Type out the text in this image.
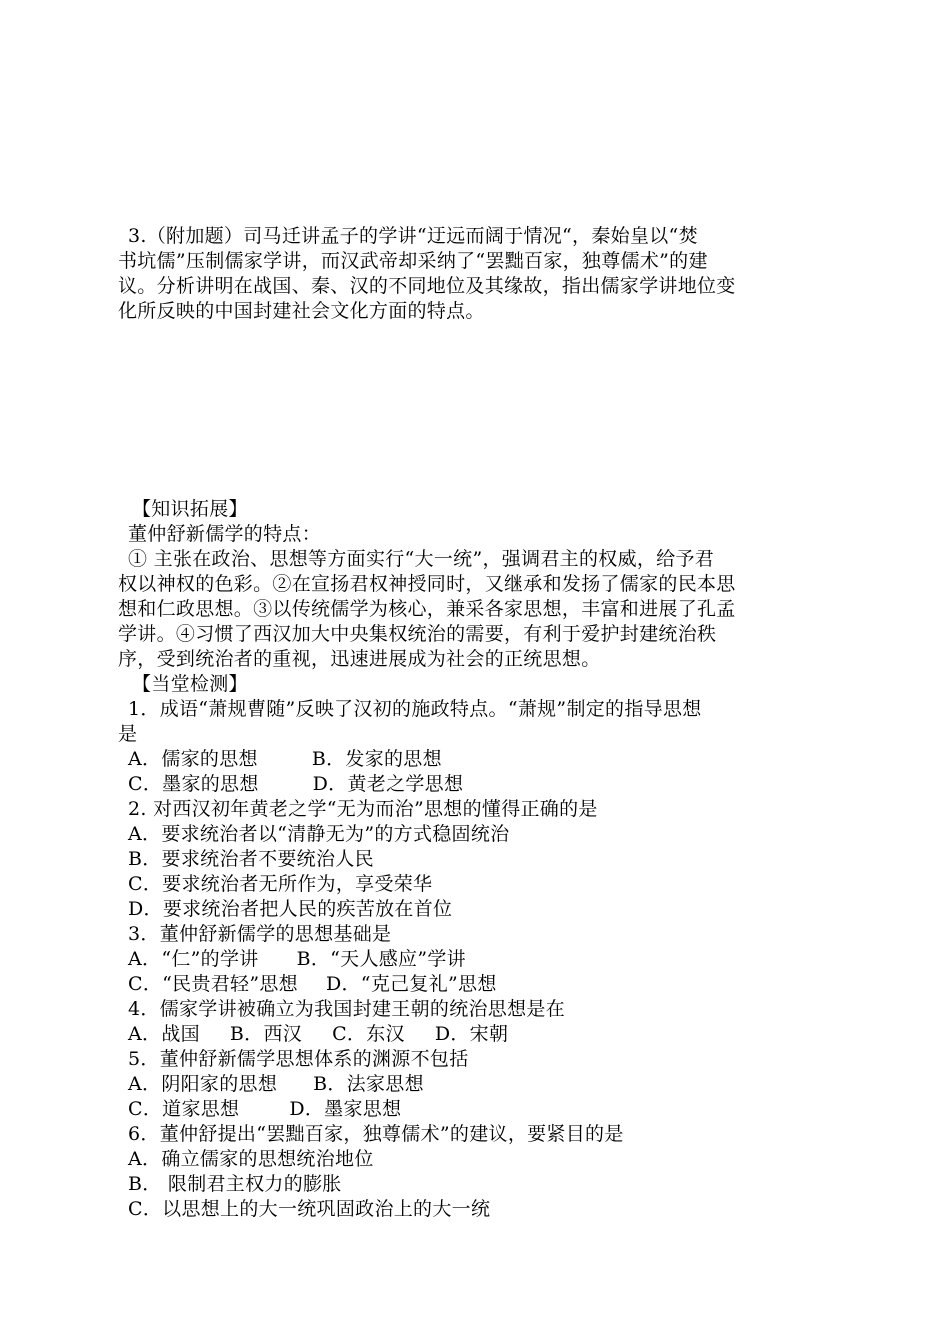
3.（附加题）司马迁讲孟子的学讲“迂远而阔于情况“，秦始皇以“焚
书坑儒”压制儒家学讲，而汉武帝却采纳了“罢黜百家，独尊儒术”的建
议。分析讲明在战国、秦、汉的不同地位及其缘故，指出儒家学讲地位变
化所反映的中国封建社会文化方面的特点。
【知识拓展】
董仲舒新儒学的特点：
① 主张在政治、思想等方面实行“大一统”，强调君主的权威，给予君
权以神权的色彩。②在宣扬君权神授同时，又继承和发扬了儒家的民本思
想和仁政思想。③以传统儒学为核心，兼采各家思想，丰富和进展了孔孟
学讲。④习惯了西汉加大中央集权统治的需要，有利于爱护封建统治秩
序，受到统治者的重视，迅速进展成为社会的正统思想。
【当堂检测】
1．成语“萧规曹随”反映了汉初的施政特点。“萧规”制定的指导思想
是
A．儒家的思想	B．发家的思想
C．墨家的思想	D．黄老之学思想
2. 对西汉初年黄老之学“无为而治”思想的懂得正确的是
A．要求统治者以“清静无为”的方式稳固统治
B．要求统治者不要统治人民
C．要求统治者无所作为，享受荣华
D．要求统治者把人民的疾苦放在首位
3．董仲舒新儒学的思想基础是
A．“仁”的学讲 B．“天人感应”学讲
C．“民贵君轻”思想 D．“克己复礼”思想
4．儒家学讲被确立为我国封建王朝的统治思想是在
A．战国 B．西汉 C．东汉 D．宋朝
5．董仲舒新儒学思想体系的渊源不包括
A．阴阳家的思想 B．法家思想
C．道家思想	D．墨家思想
6．董仲舒提出“罢黜百家，独尊儒术”的建议，要紧目的是
A．确立儒家的思想统治地位
B． 限制君主权力的膨胀
C．以思想上的大一统巩固政治上的大一统
